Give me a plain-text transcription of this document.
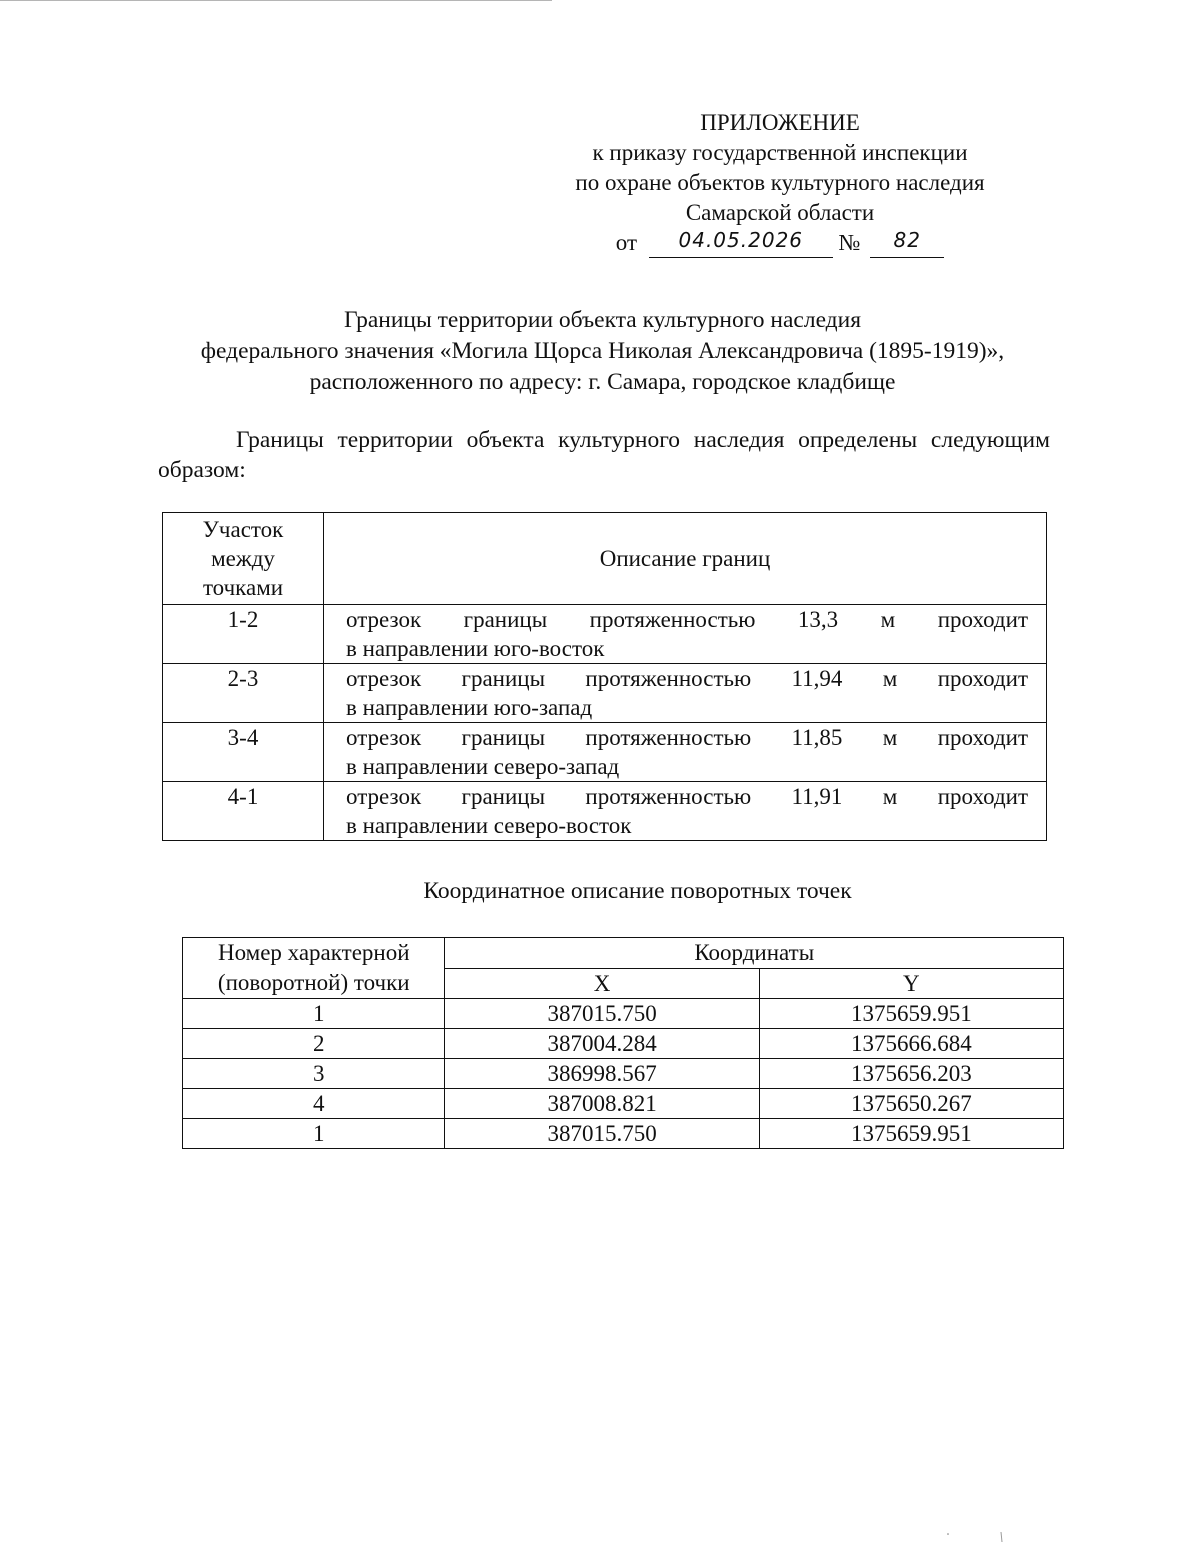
ПРИЛОЖЕНИЕ
к приказу государственной инспекции
по охране объектов культурного наследия
Самарской области
от 04.05.2026 № 82
Границы территории объекта культурного наследия
федерального значения «Могила Щорса Николая Александровича (1895-1919)»,
расположенного по адресу: г. Самара, городское кладбище
Границы территории объекта культурного наследия определены следующим образом:
Участок
между
точками	Описание границ
1-2	отрезок границы протяженностью 13,3 м проходит
в направлении юго-восток

2-3	отрезок границы протяженностью 11,94 м проходит
в направлении юго-запад

3-4	отрезок границы протяженностью 11,85 м проходит
в направлении северо-запад

4-1	отрезок границы протяженностью 11,91 м проходит
в направлении северо-восток
Координатное описание поворотных точек
Номер характерной
(поворотной) точки	Координаты	
	X	Y
1	387015.750	1375659.951
2	387004.284	1375666.684
3	386998.567	1375656.203
4	387008.821	1375650.267
1	387015.750	1375659.951
